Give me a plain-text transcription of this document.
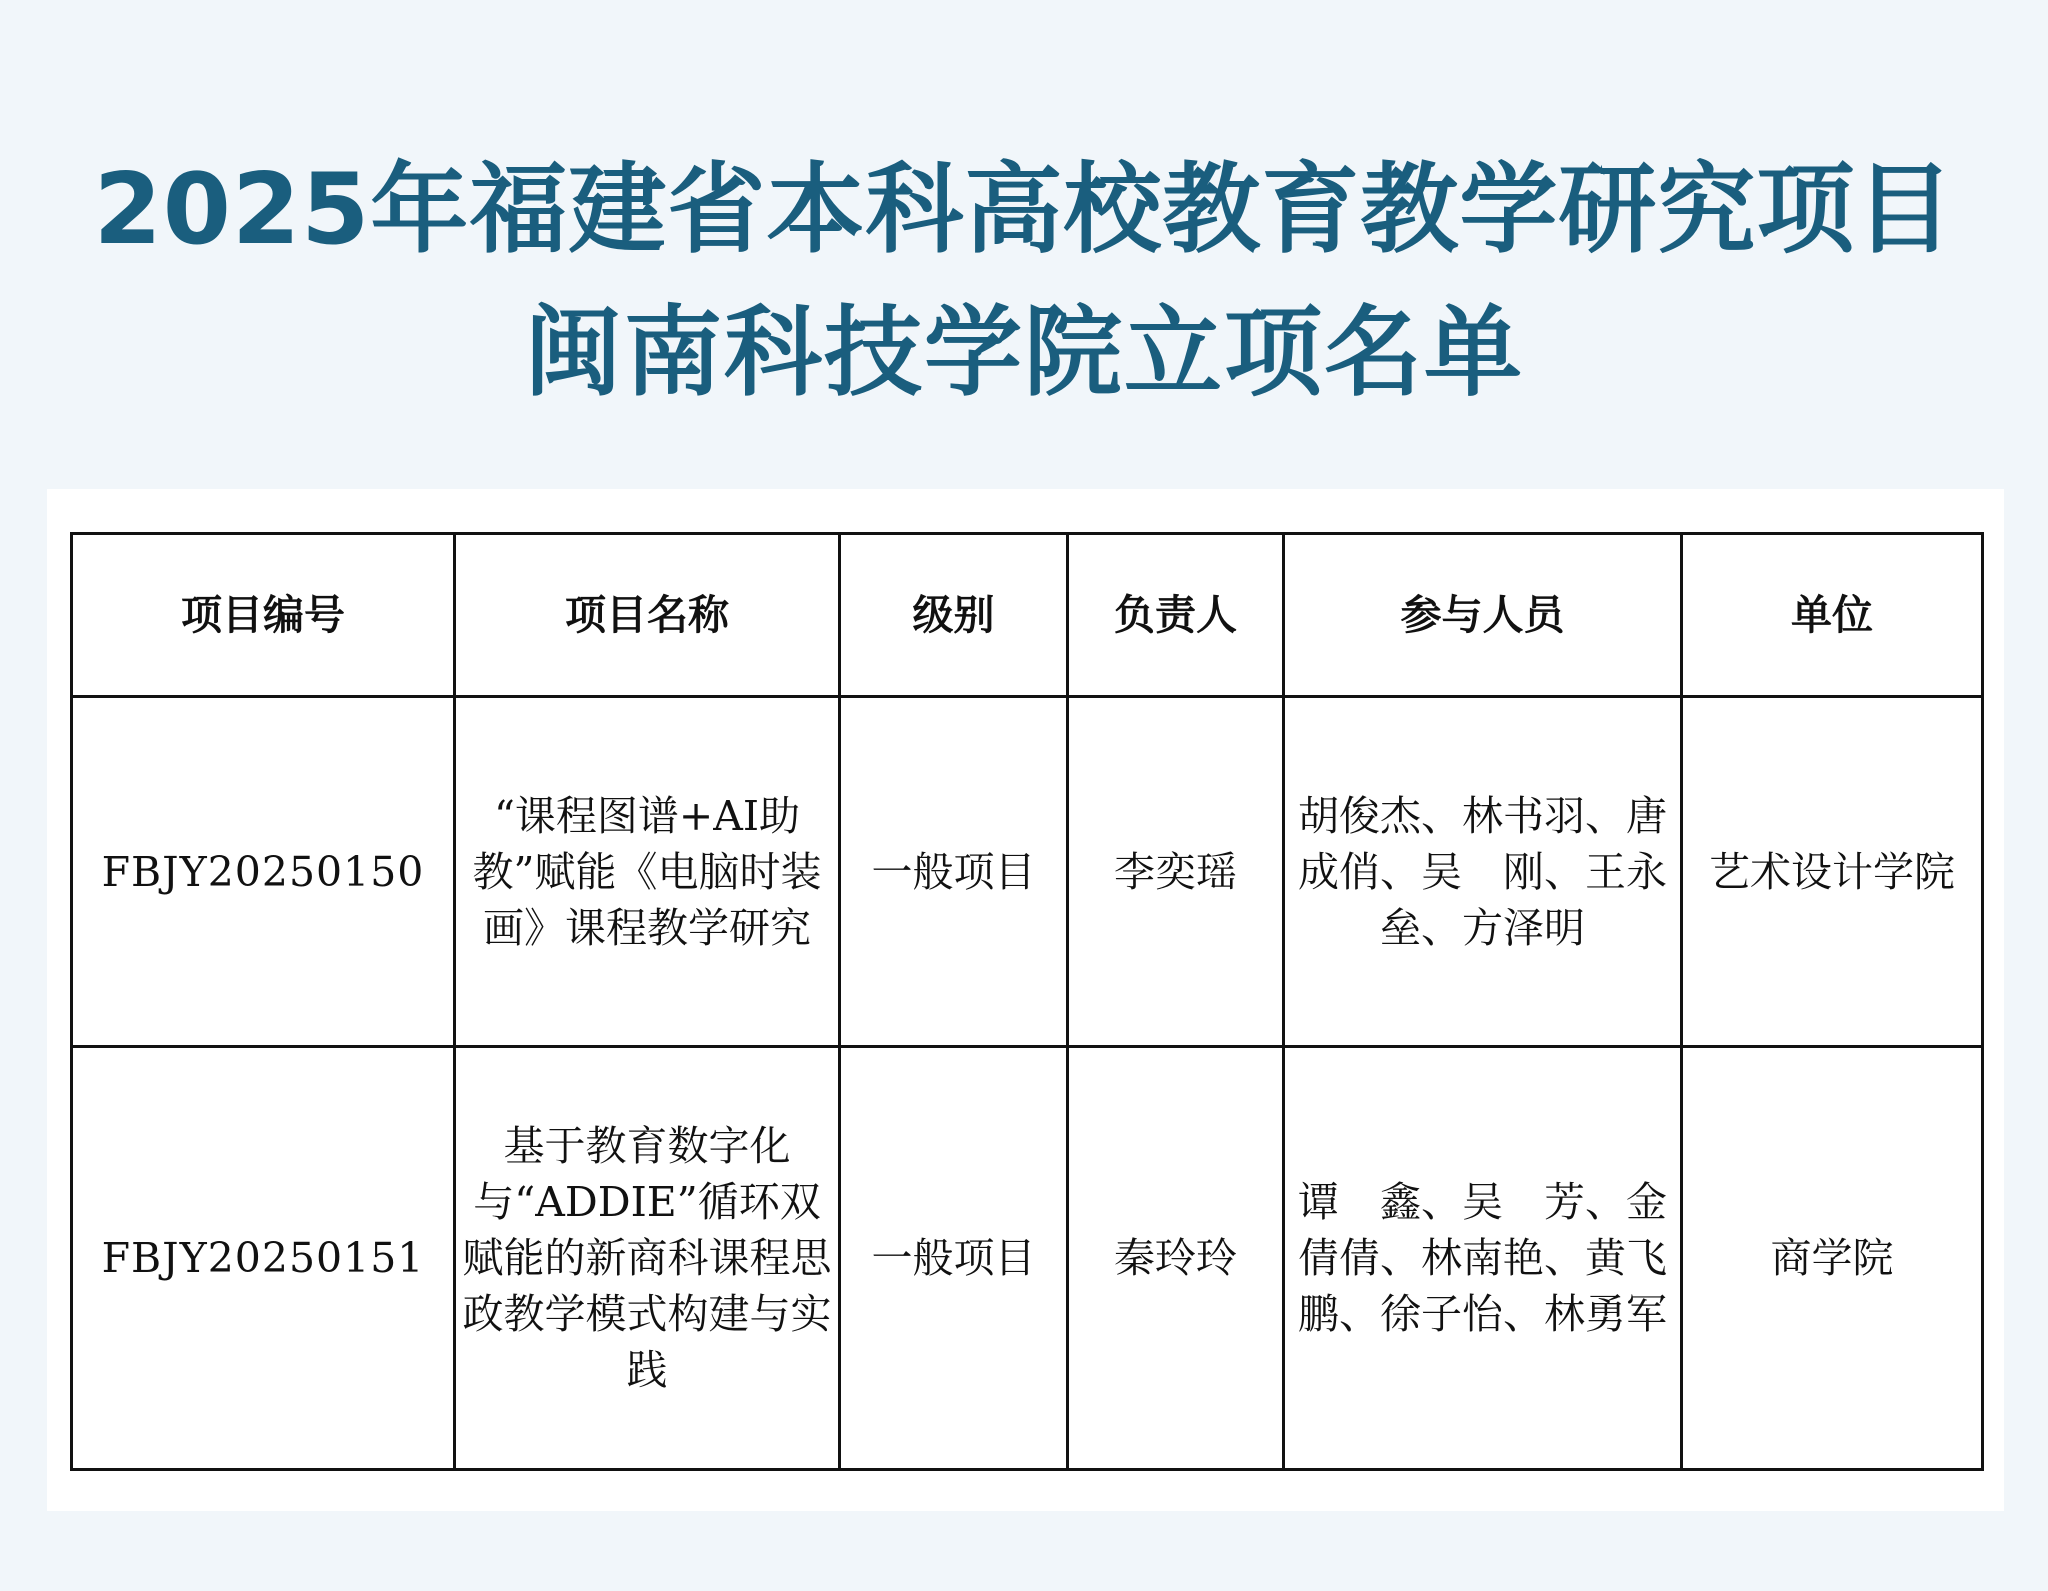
2025年福建省本科高校教育教学研究项目
闽南科技学院立项名单
项目编号	项目名称	级别	负责人	参与人员	单位
FBJY20250150	“课程图谱+AI助教”赋能《电脑时装画》课程教学研究	一般项目	李奕瑶	胡俊杰、林书羽、唐成俏、吴　刚、王永垒、方泽明	艺术设计学院
FBJY20250151	基于教育数字化与“ADDIE”循环双赋能的新商科课程思政教学模式构建与实践	一般项目	秦玲玲	谭　鑫、吴　芳、金倩倩、林南艳、黄飞鹏、徐子怡、林勇军	商学院
